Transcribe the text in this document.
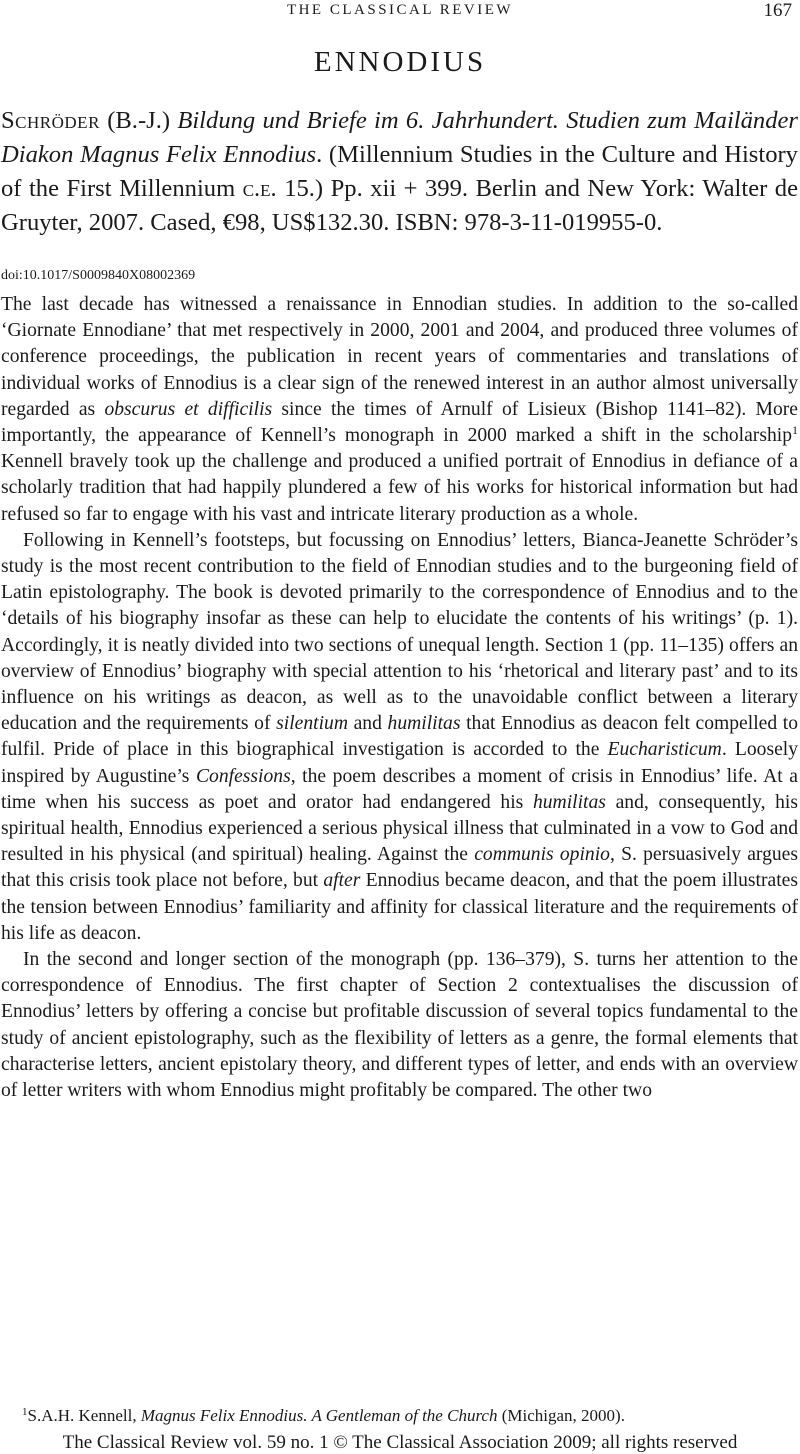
THE CLASSICAL REVIEW	167
ENNODIUS
Schröder (B.-J.) Bildung und Briefe im 6. Jahrhundert. Studien zum Mailänder Diakon Magnus Felix Ennodius. (Millennium Studies in the Culture and History of the First Millennium c.e. 15.) Pp. xii + 399. Berlin and New York: Walter de Gruyter, 2007. Cased, €98, US$132.30. ISBN: 978-3-11-019955-0.
doi:10.1017/S0009840X08002369

The last decade has witnessed a renaissance in Ennodian studies. In addition to the so-called ‘Giornate Ennodiane’ that met respectively in 2000, 2001 and 2004, and produced three volumes of conference proceedings, the publication in recent years of commentaries and translations of individual works of Ennodius is a clear sign of the renewed interest in an author almost universally regarded as obscurus et difficilis since the times of Arnulf of Lisieux (Bishop 1141–82). More importantly, the appearance of Kennell’s monograph in 2000 marked a shift in the scholarship$^1$ Kennell bravely took up the challenge and produced a unified portrait of Ennodius in defiance of a scholarly tradition that had happily plundered a few of his works for historical information but had refused so far to engage with his vast and intricate literary production as a whole.

Following in Kennell’s footsteps, but focussing on Ennodius’ letters, Bianca-Jeanette Schröder’s study is the most recent contribution to the field of Ennodian studies and to the burgeoning field of Latin epistolography. The book is devoted primarily to the correspondence of Ennodius and to the ‘details of his biography insofar as these can help to elucidate the contents of his writings’ (p. 1). Accordingly, it is neatly divided into two sections of unequal length. Section 1 (pp. 11–135) offers an overview of Ennodius’ biography with special attention to his ‘rhetorical and literary past’ and to its influence on his writings as deacon, as well as to the unavoidable conflict between a literary education and the requirements of silentium and humilitas that Ennodius as deacon felt compelled to fulfil. Pride of place in this biographical investigation is accorded to the Eucharisticum. Loosely inspired by Augustine’s Confessions, the poem describes a moment of crisis in Ennodius’ life. At a time when his success as poet and orator had endangered his humilitas and, consequently, his spiritual health, Ennodius experienced a serious physical illness that culminated in a vow to God and resulted in his physical (and spiritual) healing. Against the communis opinio, S. persuasively argues that this crisis took place not before, but after Ennodius became deacon, and that the poem illustrates the tension between Ennodius’ familiarity and affinity for classical literature and the requirements of his life as deacon.

In the second and longer section of the monograph (pp. 136–379), S. turns her attention to the correspondence of Ennodius. The first chapter of Section 2 contextualises the discussion of Ennodius’ letters by offering a concise but profitable discussion of several topics fundamental to the study of ancient epistolography, such as the flexibility of letters as a genre, the formal elements that characterise letters, ancient epistolary theory, and different types of letter, and ends with an overview of letter writers with whom Ennodius might profitably be compared. The other two

$^1$S.A.H. Kennell, Magnus Felix Ennodius. A Gentleman of the Church (Michigan, 2000).
The Classical Review vol. 59 no. 1 © The Classical Association 2009; all rights reserved
